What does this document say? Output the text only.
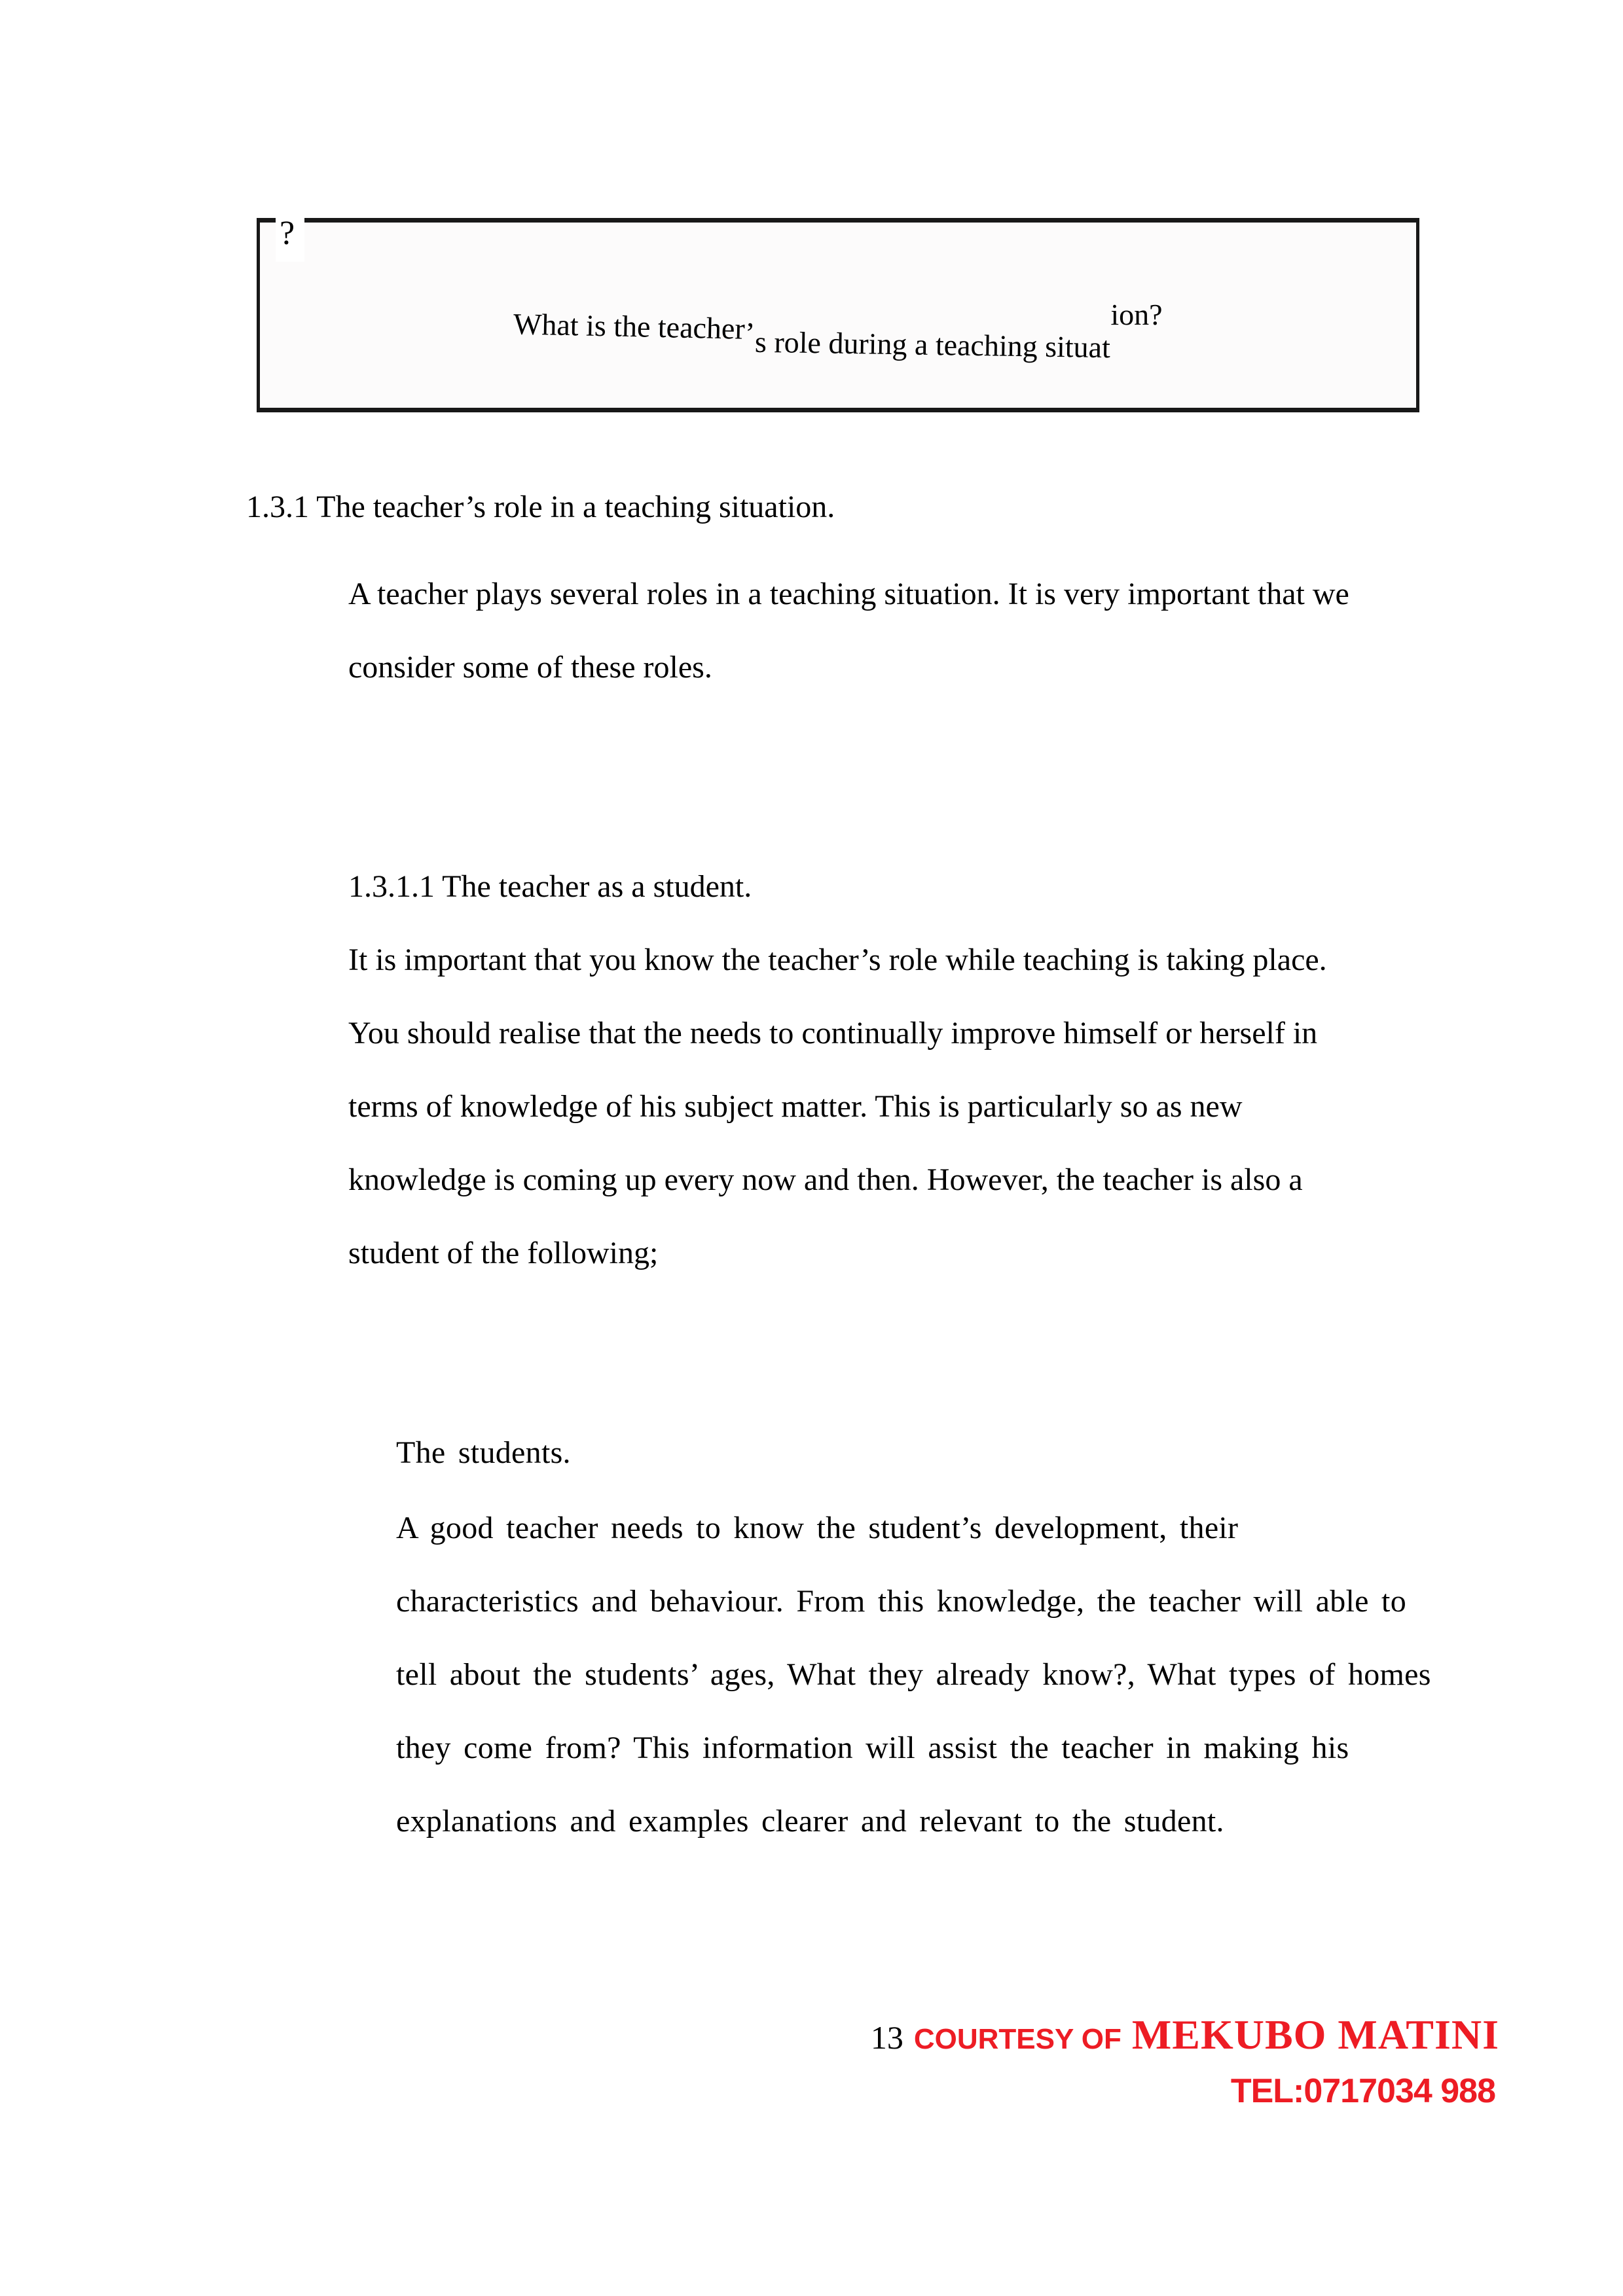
?
What is the teacher’s role during a teaching situation?
1.3.1 The teacher’s role in a teaching situation.
A teacher plays several roles in a teaching situation. It is very important that we
consider some of these roles.
1.3.1.1 The teacher as a student.
It is important that you know the teacher’s role while teaching is taking place.
You should realise that the needs to continually improve himself or herself in
terms of knowledge of his subject matter. This is particularly so as new
knowledge is coming up every now and then. However, the teacher is also a
student of the following;
The students.
A good teacher needs to know the student’s development, their
characteristics and behaviour. From this knowledge, the teacher will able to
tell about the students’ ages, What they already know?, What types of homes
they come from? This information will assist the teacher in making his
explanations and examples clearer and relevant to the student.
13 COURTESY OF MEKUBO MATINI
TEL:0717034 988
